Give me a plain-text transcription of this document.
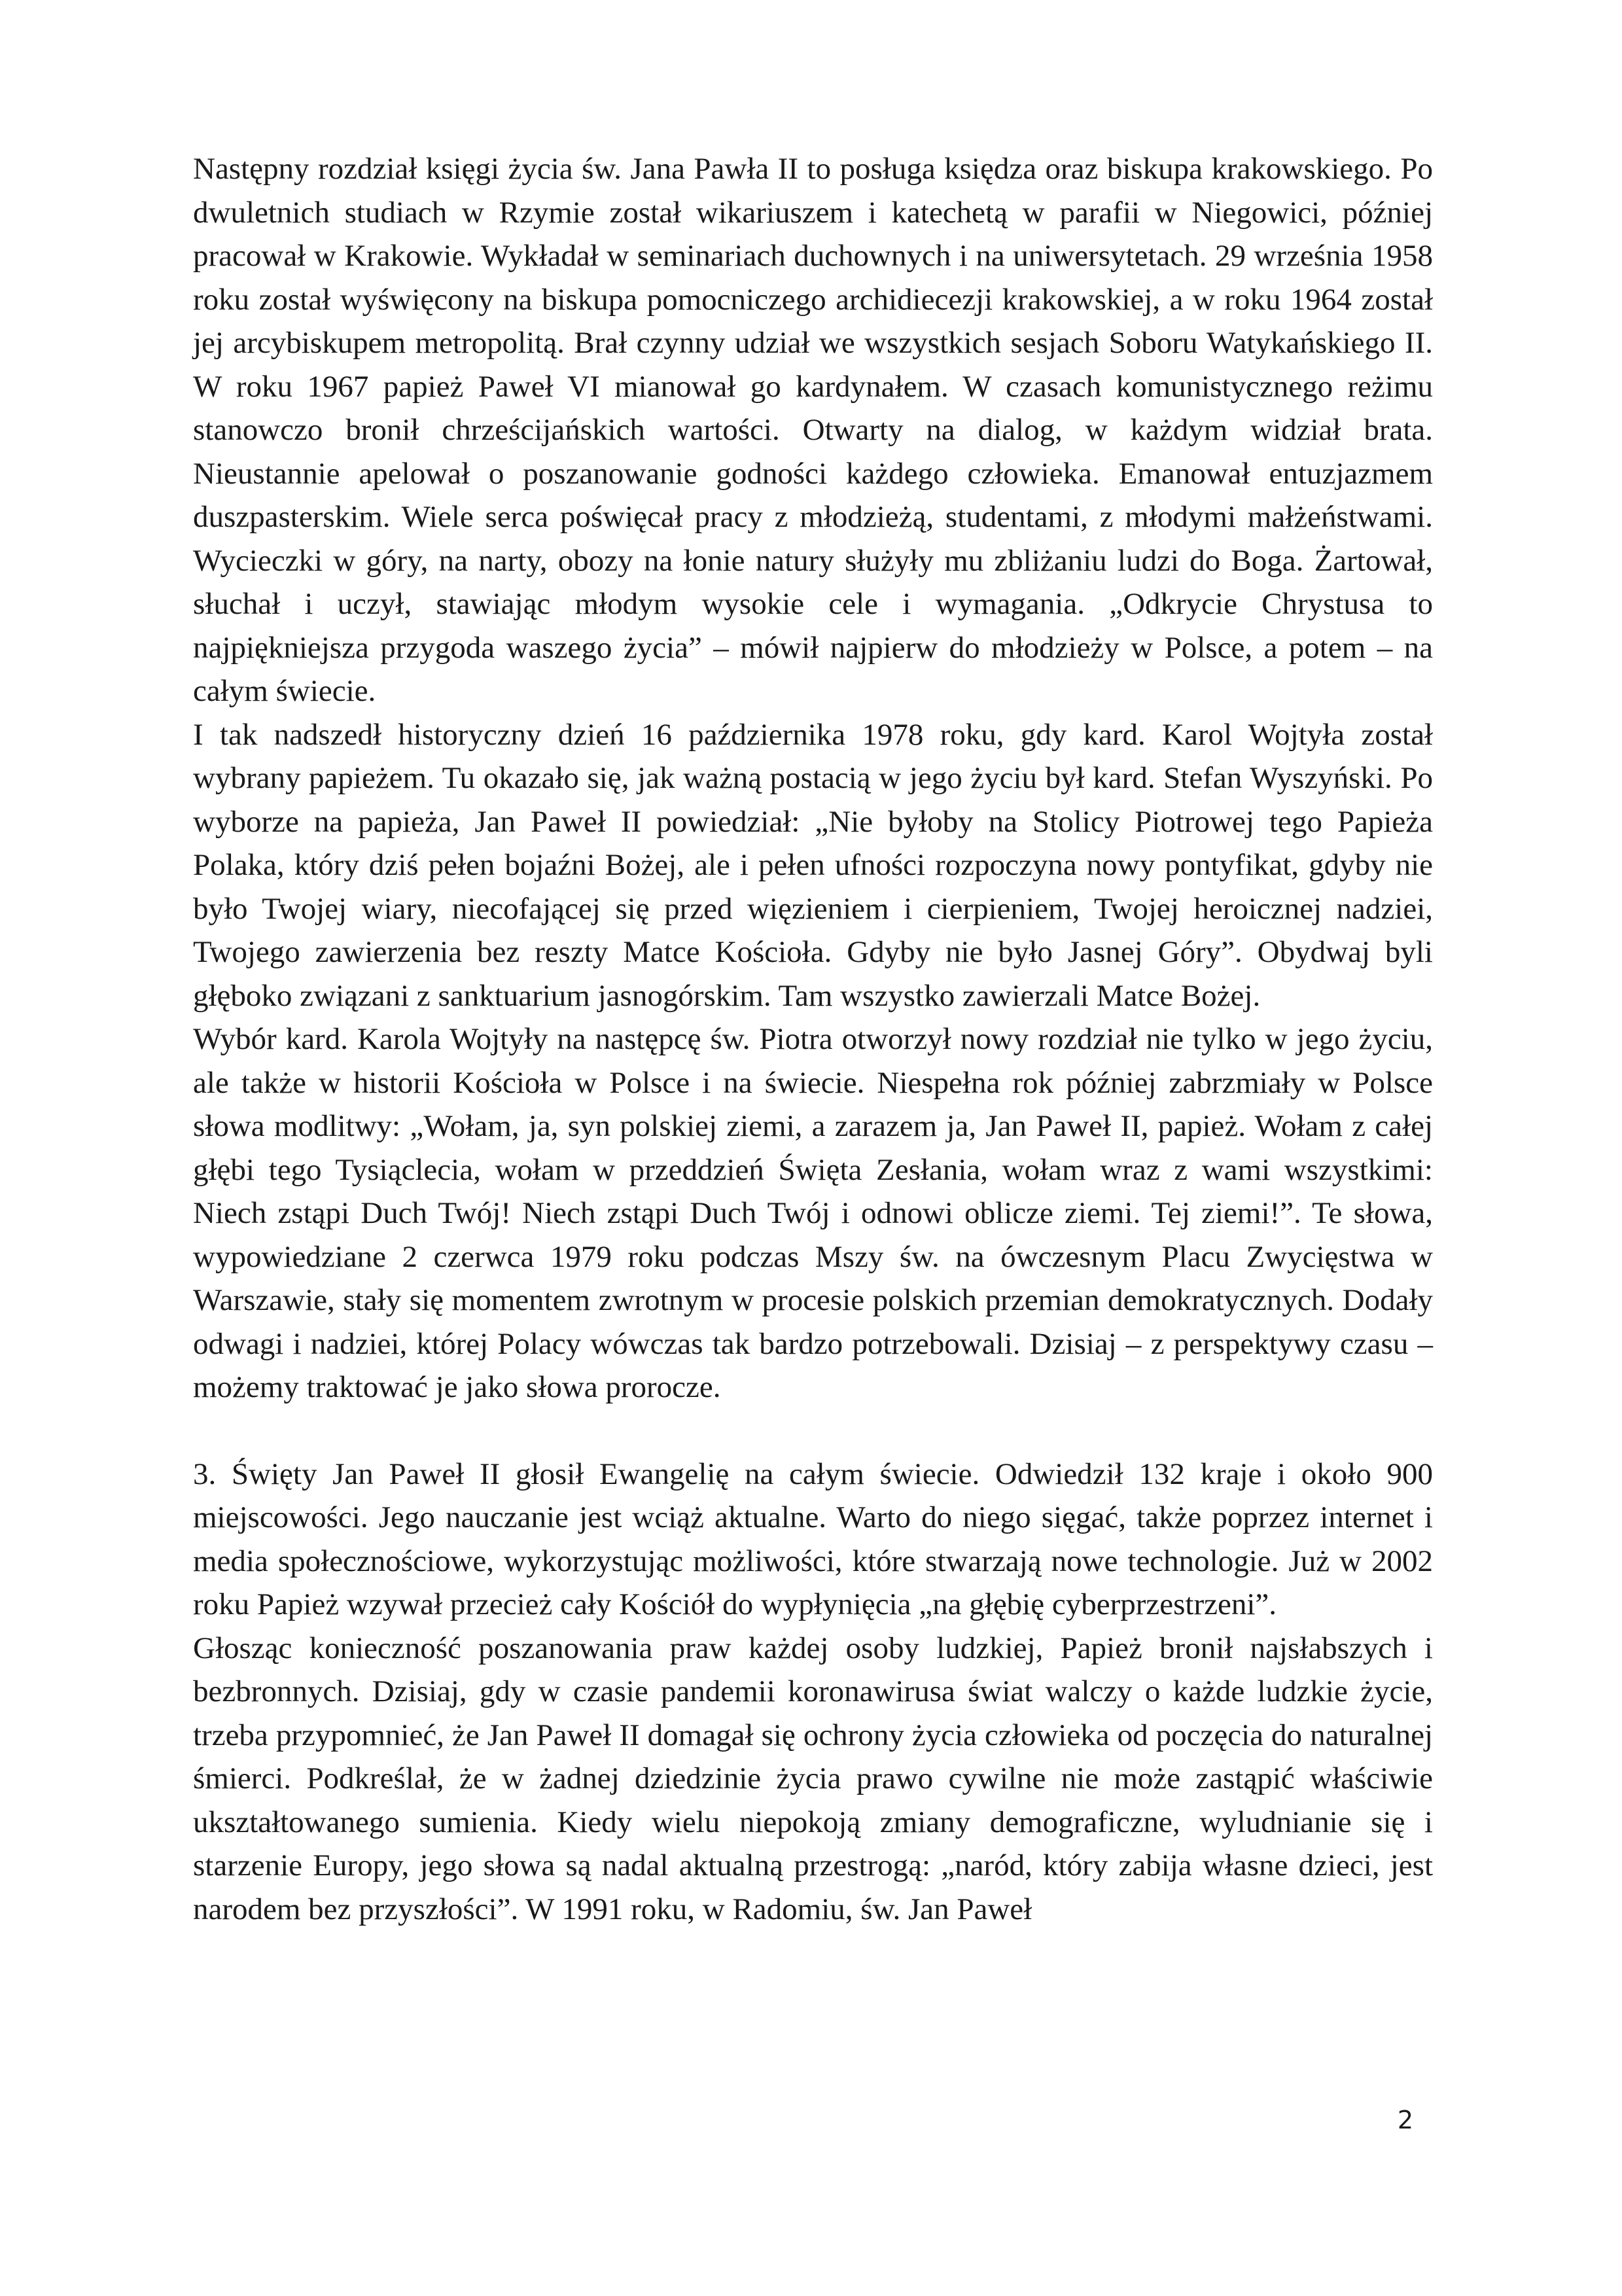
Następny rozdział księgi życia św. Jana Pawła II to posługa księdza oraz biskupa krakowskiego. Po dwuletnich studiach w Rzymie został wikariuszem i katechetą w parafii w Niegowici, później pracował w Krakowie. Wykładał w seminariach duchownych i na uniwersytetach. 29 września 1958 roku został wyświęcony na biskupa pomocniczego archidiecezji krakowskiej, a w roku 1964 został jej arcybiskupem metropolitą. Brał czynny udział we wszystkich sesjach Soboru Watykańskiego II. W roku 1967 papież Paweł VI mianował go kardynałem. W czasach komunistycznego reżimu stanowczo bronił chrześcijańskich wartości. Otwarty na dialog, w każdym widział brata. Nieustannie apelował o poszanowanie godności każdego człowieka. Emanował entuzjazmem duszpasterskim. Wiele serca poświęcał pracy z młodzieżą, studentami, z młodymi małżeństwami. Wycieczki w góry, na narty, obozy na łonie natury służyły mu zbliżaniu ludzi do Boga. Żartował, słuchał i uczył, stawiając młodym wysokie cele i wymagania. „Odkrycie Chrystusa to najpiękniejsza przygoda waszego życia” – mówił najpierw do młodzieży w Polsce, a potem – na całym świecie.

I tak nadszedł historyczny dzień 16 października 1978 roku, gdy kard. Karol Wojtyła został wybrany papieżem. Tu okazało się, jak ważną postacią w jego życiu był kard. Stefan Wyszyński. Po wyborze na papieża, Jan Paweł II powiedział: „Nie byłoby na Stolicy Piotrowej tego Papieża Polaka, który dziś pełen bojaźni Bożej, ale i pełen ufności rozpoczyna nowy pontyfikat, gdyby nie było Twojej wiary, niecofającej się przed więzieniem i cierpieniem, Twojej heroicznej nadziei, Twojego zawierzenia bez reszty Matce Kościoła. Gdyby nie było Jasnej Góry”. Obydwaj byli głęboko związani z sanktuarium jasnogórskim. Tam wszystko zawierzali Matce Bożej.

Wybór kard. Karola Wojtyły na następcę św. Piotra otworzył nowy rozdział nie tylko w jego życiu, ale także w historii Kościoła w Polsce i na świecie. Niespełna rok później zabrzmiały w Polsce słowa modlitwy: „Wołam, ja, syn polskiej ziemi, a zarazem ja, Jan Paweł II, papież. Wołam z całej głębi tego Tysiąclecia, wołam w przeddzień Święta Zesłania, wołam wraz z wami wszystkimi: Niech zstąpi Duch Twój! Niech zstąpi Duch Twój i odnowi oblicze ziemi. Tej ziemi!”. Te słowa, wypowiedziane 2 czerwca 1979 roku podczas Mszy św. na ówczesnym Placu Zwycięstwa w Warszawie, stały się momentem zwrotnym w procesie polskich przemian demokratycznych. Dodały odwagi i nadziei, której Polacy wówczas tak bardzo potrzebowali. Dzisiaj – z perspektywy czasu – możemy traktować je jako słowa prorocze.

3. Święty Jan Paweł II głosił Ewangelię na całym świecie. Odwiedził 132 kraje i około 900 miejscowości. Jego nauczanie jest wciąż aktualne. Warto do niego sięgać, także poprzez internet i media społecznościowe, wykorzystując możliwości, które stwarzają nowe technologie. Już w 2002 roku Papież wzywał przecież cały Kościół do wypłynięcia „na głębię cyberprzestrzeni”.

Głosząc konieczność poszanowania praw każdej osoby ludzkiej, Papież bronił najsłabszych i bezbronnych. Dzisiaj, gdy w czasie pandemii koronawirusa świat walczy o każde ludzkie życie, trzeba przypomnieć, że Jan Paweł II domagał się ochrony życia człowieka od poczęcia do naturalnej śmierci. Podkreślał, że w żadnej dziedzinie życia prawo cywilne nie może zastąpić właściwie ukształtowanego sumienia. Kiedy wielu niepokoją zmiany demograficzne, wyludnianie się i starzenie Europy, jego słowa są nadal aktualną przestrogą: „naród, który zabija własne dzieci, jest narodem bez przyszłości”. W 1991 roku, w Radomiu, św. Jan Paweł

2
